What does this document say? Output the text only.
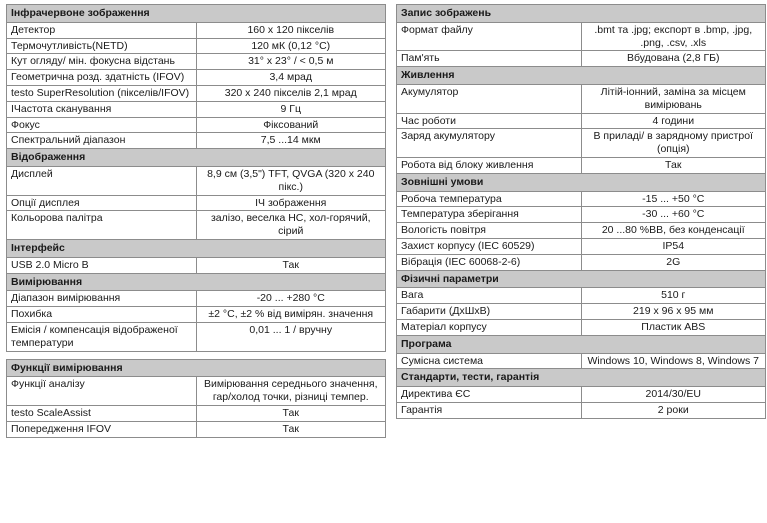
Інфрачервоне зображення	
Детектор	160 x 120 пікселів
Термочутливість(NETD)	120 мК (0,12 °C)
Кут огляду/ мін. фокусна відстань	31° x 23° / < 0,5 м
Геометрична розд. здатність (IFOV)	3,4 мрад
testo SuperResolution (пікселів/IFOV)	320 x 240 пікселів 2,1 мрад
ІЧастота сканування	9 Гц
Фокус	Фіксований
Спектральний діапазон	7,5 ...14 мкм
Відображення	
Дисплей	8,9 см (3,5") TFT, QVGA (320 x 240 пікс.)
Опції дисплея	ІЧ зображення
Кольорова палітра	залізо, веселка HC, хол-горячий, сірий
Інтерфейс	
USB 2.0 Micro B	Так
Вимірювання	
Діапазон вимірювання	-20 ... +280 °C
Похибка	±2 °C, ±2 % від вимірян. значення
Емісія / компенсація відображеної температури	0,01 ... 1 / вручну

Функції вимірювання	
Функції аналізу	Вимірювання середнього значення, гар/холод точки, різниці темпер.
testo ScaleAssist	Так
Попередження IFOV	Так
Запис зображень	
Формат файлу	.bmt та .jpg; експорт в .bmp, .jpg, .png, .csv, .xls
Пам'ять	Вбудована (2,8 ГБ)
Живлення	
Акумулятор	Літій-іонний, заміна за місцем вимірювань
Час роботи	4 години
Заряд акумулятору	В приладі/ в зарядному пристрої (опція)
Робота від блоку живлення	Так
Зовнішні умови	
Робоча температура	-15 ... +50 °C
Температура зберігання	-30 ... +60 °C
Вологість повітря	20 ...80 %ВВ, без конденсації
Захист корпусу (IEC 60529)	IP54
Вібрація (IEC 60068-2-6)	2G
Фізичні параметри	
Вага	510 г
Габарити (ДхШхВ)	219 x 96 x 95 мм
Матеріал корпусу	Пластик ABS
Програма	
Сумісна система	Windows 10, Windows 8, Windows 7
Стандарти, тести, гарантія	
Директива ЄС	2014/30/EU
Гарантія	2 роки
